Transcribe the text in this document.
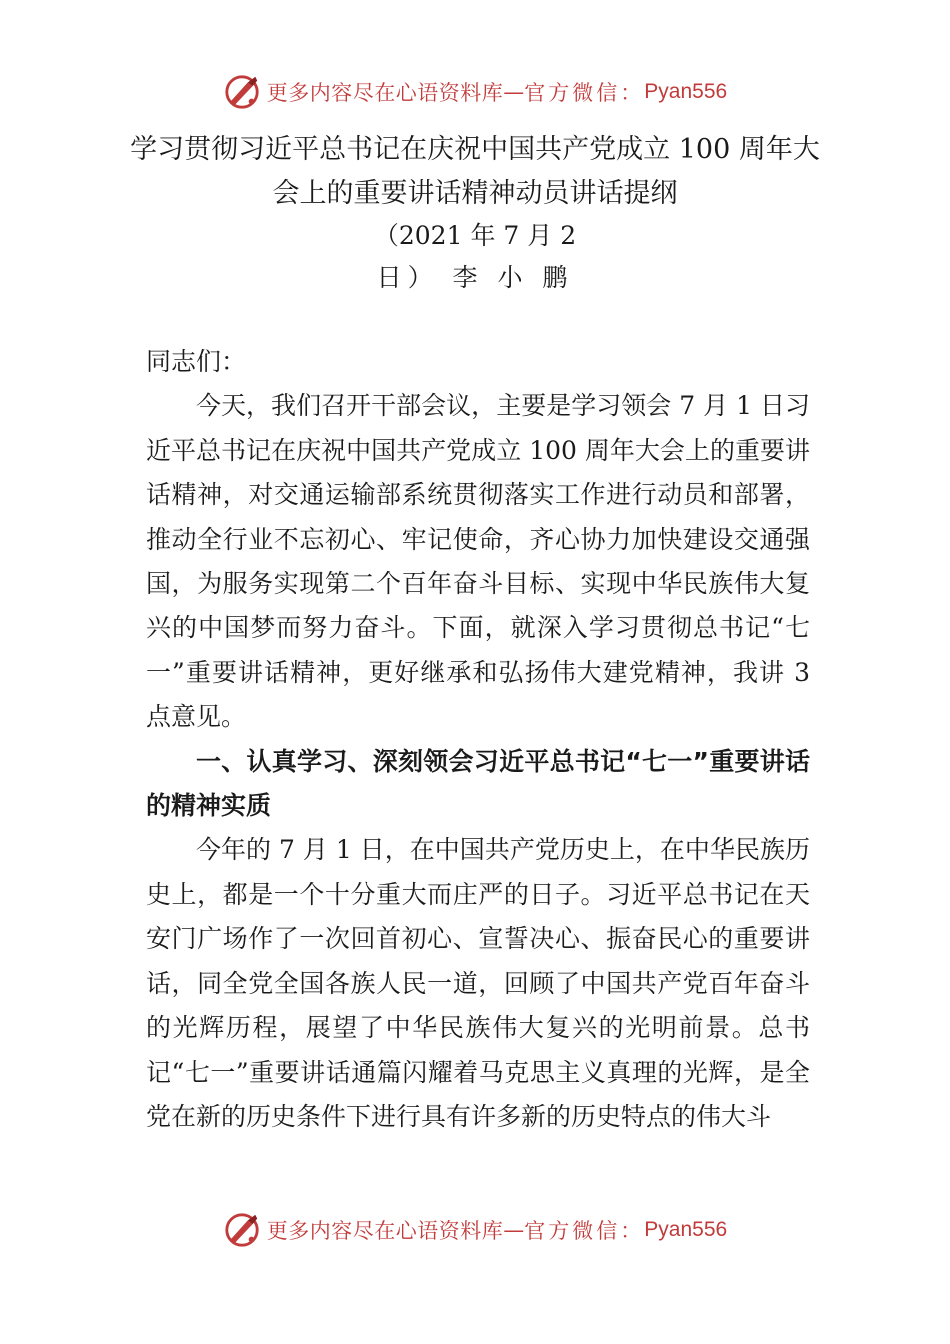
更多内容尽在心语资料库 — 官方微信： Pyan556
学习贯彻习近平总书记在庆祝中国共产党成立 100 周年大会上的重要讲话精神动员讲话提纲
（2021 年 7 月 2
日） 李 小 鹏

同志们：

今天，我们召开干部会议，主要是学习领会 7 月 1 日习近平总书记在庆祝中国共产党成立 100 周年大会上的重要讲话精神，对交通运输部系统贯彻落实工作进行动员和部署，推动全行业不忘初心、牢记使命，齐心协力加快建设交通强国，为服务实现第二个百年奋斗目标、实现中华民族伟大复兴的中国梦而努力奋斗。下面，就深入学习贯彻总书记“七一”重要讲话精神，更好继承和弘扬伟大建党精神，我讲 3 点意见。

一、认真学习、深刻领会习近平总书记“七一”重要讲话的精神实质

今年的 7 月 1 日，在中国共产党历史上，在中华民族历史上，都是一个十分重大而庄严的日子。习近平总书记在天安门广场作了一次回首初心、宣誓决心、振奋民心的重要讲话，同全党全国各族人民一道，回顾了中国共产党百年奋斗的光辉历程，展望了中华民族伟大复兴的光明前景。总书记“七一”重要讲话通篇闪耀着马克思主义真理的光辉，是全党在新的历史条件下进行具有许多新的历史特点的伟大斗

更多内容尽在心语资料库 — 官方微信： Pyan556
